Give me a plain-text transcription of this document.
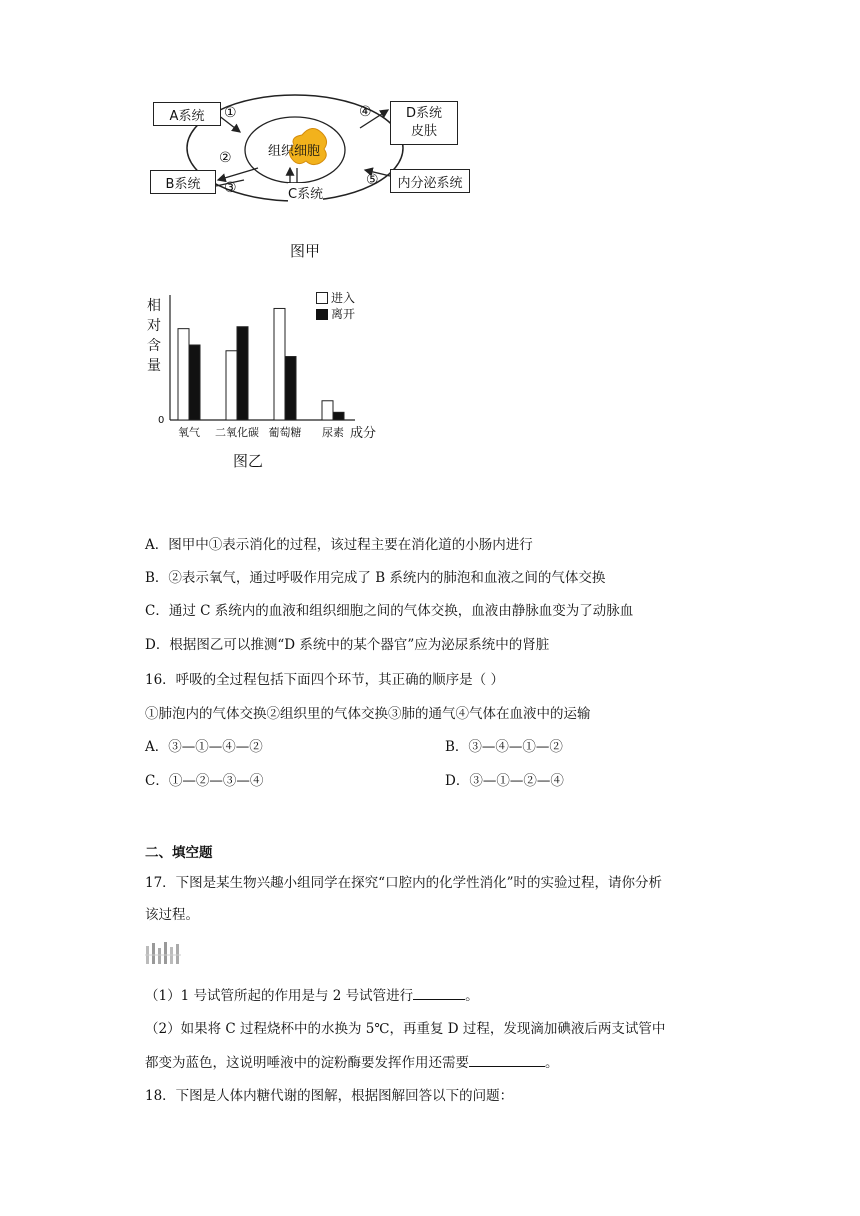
A系统
B系统
D系统
皮肤
内分泌系统
①
②
③
④
⑤
组织细胞
C系统
图甲
相对含量
0
氧气 二氧化碳 葡萄糖 尿素 成分
进入
离开
图乙
A．图甲中①表示消化的过程，该过程主要在消化道的小肠内进行
B．②表示氧气，通过呼吸作用完成了 B 系统内的肺泡和血液之间的气体交换
C．通过 C 系统内的血液和组织细胞之间的气体交换，血液由静脉血变为了动脉血
D．根据图乙可以推测“D 系统中的某个器官”应为泌尿系统中的肾脏
16．呼吸的全过程包括下面四个环节，其正确的顺序是（ ）
①肺泡内的气体交换②组织里的气体交换③肺的通气④气体在血液中的运输
A．③—①—④—②	B．③—④—①—②
C．①—②—③—④	D．③—①—②—④
二、填空题
17．下图是某生物兴趣小组同学在探究“口腔内的化学性消化”时的实验过程，请你分析
该过程。
（1）1 号试管所起的作用是与 2 号试管进行	。
（2）如果将 C 过程烧杯中的水换为 5℃，再重复 D 过程，发现滴加碘液后两支试管中
都变为蓝色，这说明唾液中的淀粉酶要发挥作用还需要	。
18．下图是人体内糖代谢的图解，根据图解回答以下的问题：
